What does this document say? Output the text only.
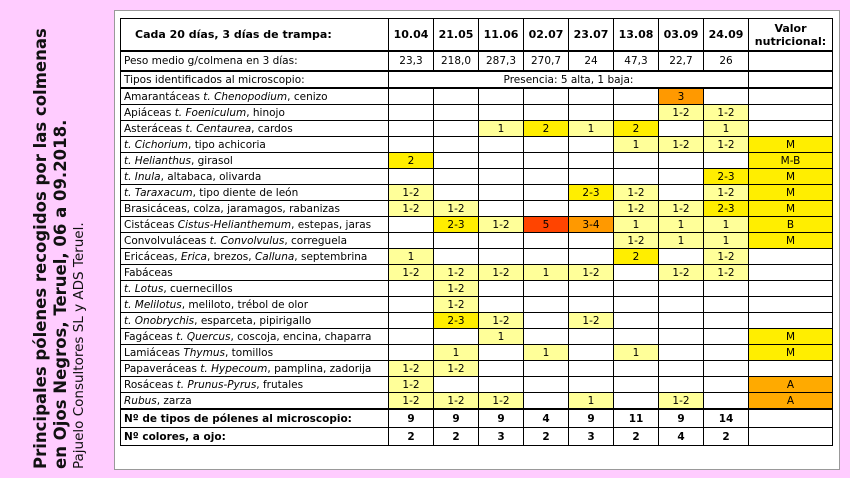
Principales pólenes recogidos por las colmenas en Ojos Negros, Teruel, 06 a 09.2018. Pajuelo Consultores SL y ADS Teruel.
Cada 20 días, 3 días de trampa:	10.04	21.05	11.06	02.07	23.07	13.08	03.09	24.09	Valor
nutricional:
Peso medio g/colmena en 3 días:	23,3	218,0	287,3	270,7	24	47,3	22,7	26	
Tipos identificados al microscopio:	Presencia: 5 alta, 1 baja:								
Amarantáceas t. Chenopodium, cenizo							3		
Apiáceas t. Foeniculum, hinojo							1-2	1-2	
Asteráceas t. Centaurea, cardos			1	2	1	2		1	
t. Cichorium, tipo achicoria						1	1-2	1-2	M
t. Helianthus, girasol	2								M-B
t. Inula, altabaca, olivarda								2-3	M
t. Taraxacum, tipo diente de león	1-2				2-3	1-2		1-2	M
Brasicáceas, colza, jaramagos, rabanizas	1-2	1-2				1-2	1-2	2-3	M
Cistáceas Cistus-Helianthemum, estepas, jaras		2-3	1-2	5	3-4	1	1	1	B
Convolvuláceas t. Convolvulus, correguela						1-2	1	1	M
Ericáceas, Erica, brezos, Calluna, septembrina	1					2		1-2	
Fabáceas	1-2	1-2	1-2	1	1-2		1-2	1-2	
t. Lotus, cuernecillos		1-2							
t. Melilotus, meliloto, trébol de olor		1-2							
t. Onobrychis, esparceta, pipirigallo		2-3	1-2		1-2				
Fagáceas t. Quercus, coscoja, encina, chaparra			1						M
Lamiáceas Thymus, tomillos		1		1		1			M
Papaveráceas t. Hypecoum, pamplina, zadorija	1-2	1-2							
Rosáceas t. Prunus-Pyrus, frutales	1-2								A
Rubus, zarza	1-2	1-2	1-2		1		1-2		A
Nº de tipos de pólenes al microscopio:	9	9	9	4	9	11	9	14	
Nº colores, a ojo:	2	2	3	2	3	2	4	2	
